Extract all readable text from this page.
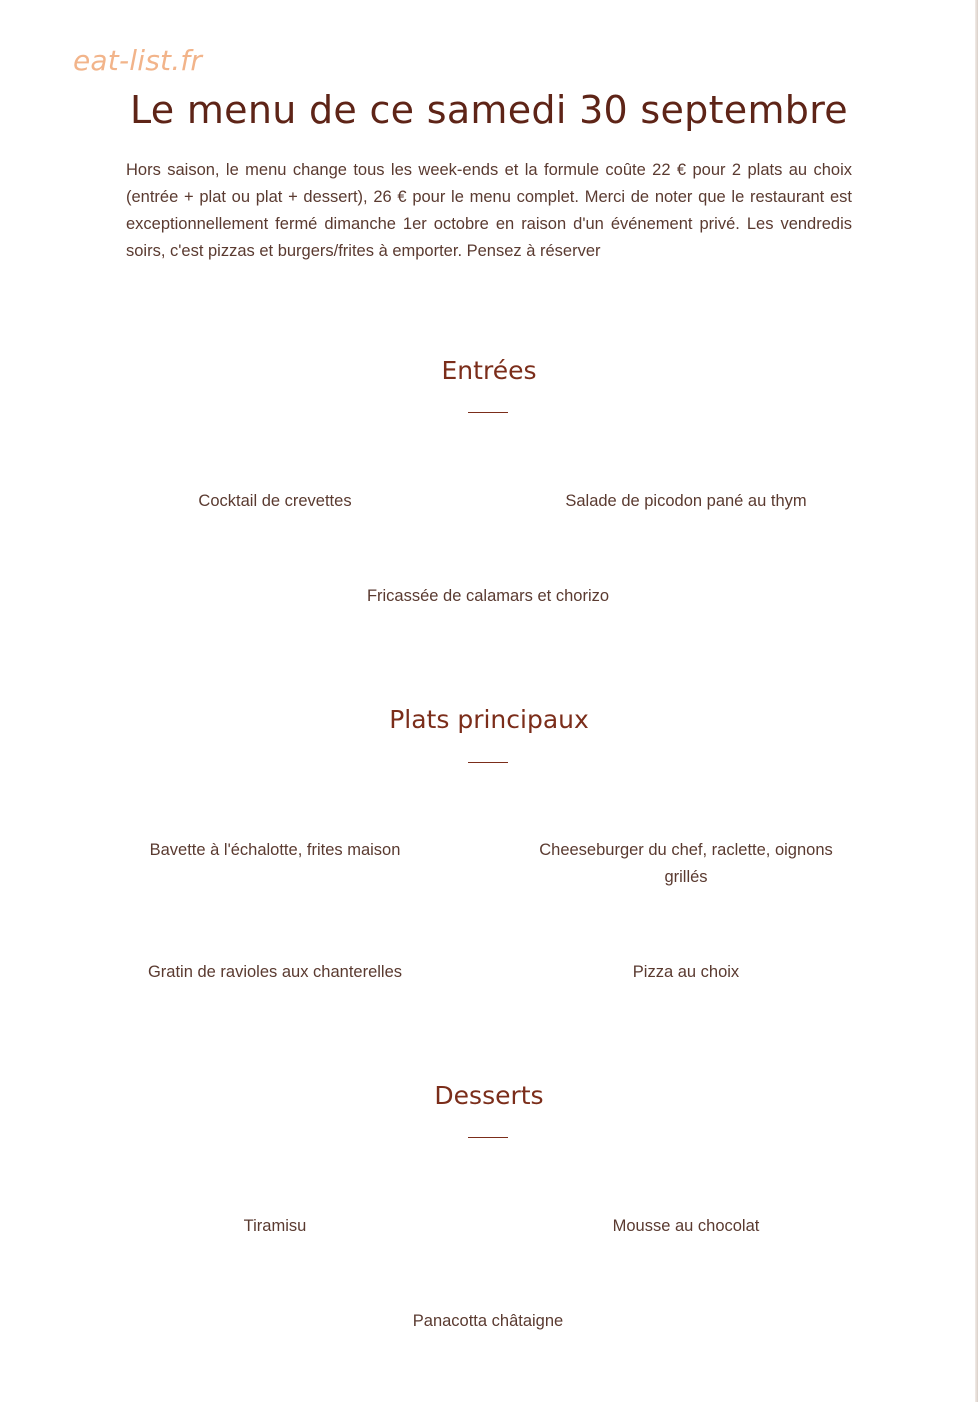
eat-list.fr
Le menu de ce samedi 30 septembre

Hors saison, le menu change tous les week-ends et la formule coûte 22 € pour 2 plats au choix (entrée + plat ou plat + dessert), 26 € pour le menu complet. Merci de noter que le restaurant est exceptionnellement fermé dimanche 1er octobre en raison d'un événement privé. Les vendredis soirs, c'est pizzas et burgers/frites à emporter. Pensez à réserver

Entrées
Cocktail de crevettes	Salade de picodon pané au thym
Fricassée de calamars et chorizo
Plats principaux
Bavette à l'échalotte, frites maison	Cheeseburger du chef, raclette, oignons grillés
Gratin de ravioles aux chanterelles	Pizza au choix
Desserts
Tiramisu	Mousse au chocolat
Panacotta châtaigne
